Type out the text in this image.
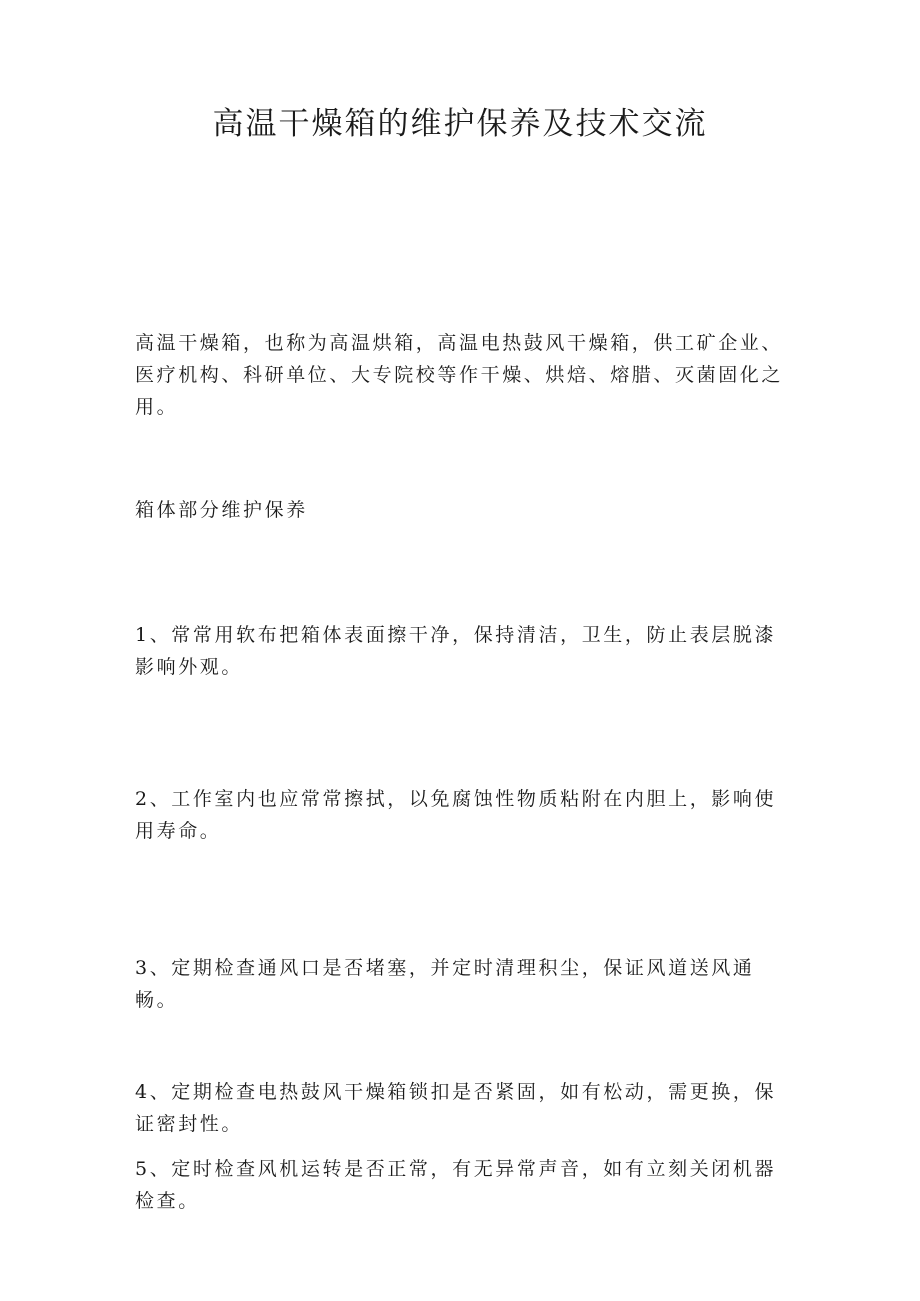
高温干燥箱的维护保养及技术交流

高温干燥箱，也称为高温烘箱，高温电热鼓风干燥箱，供工矿企业、医疗机构、科研单位、大专院校等作干燥、烘焙、熔腊、灭菌固化之用。

箱体部分维护保养

1、常常用软布把箱体表面擦干净，保持清洁，卫生，防止表层脱漆影响外观。

2、工作室内也应常常擦拭，以免腐蚀性物质粘附在内胆上，影响使用寿命。

3、定期检查通风口是否堵塞，并定时清理积尘，保证风道送风通畅。

4、定期检查电热鼓风干燥箱锁扣是否紧固，如有松动，需更换，保证密封性。

5、定时检查风机运转是否正常，有无异常声音，如有立刻关闭机器检查。
